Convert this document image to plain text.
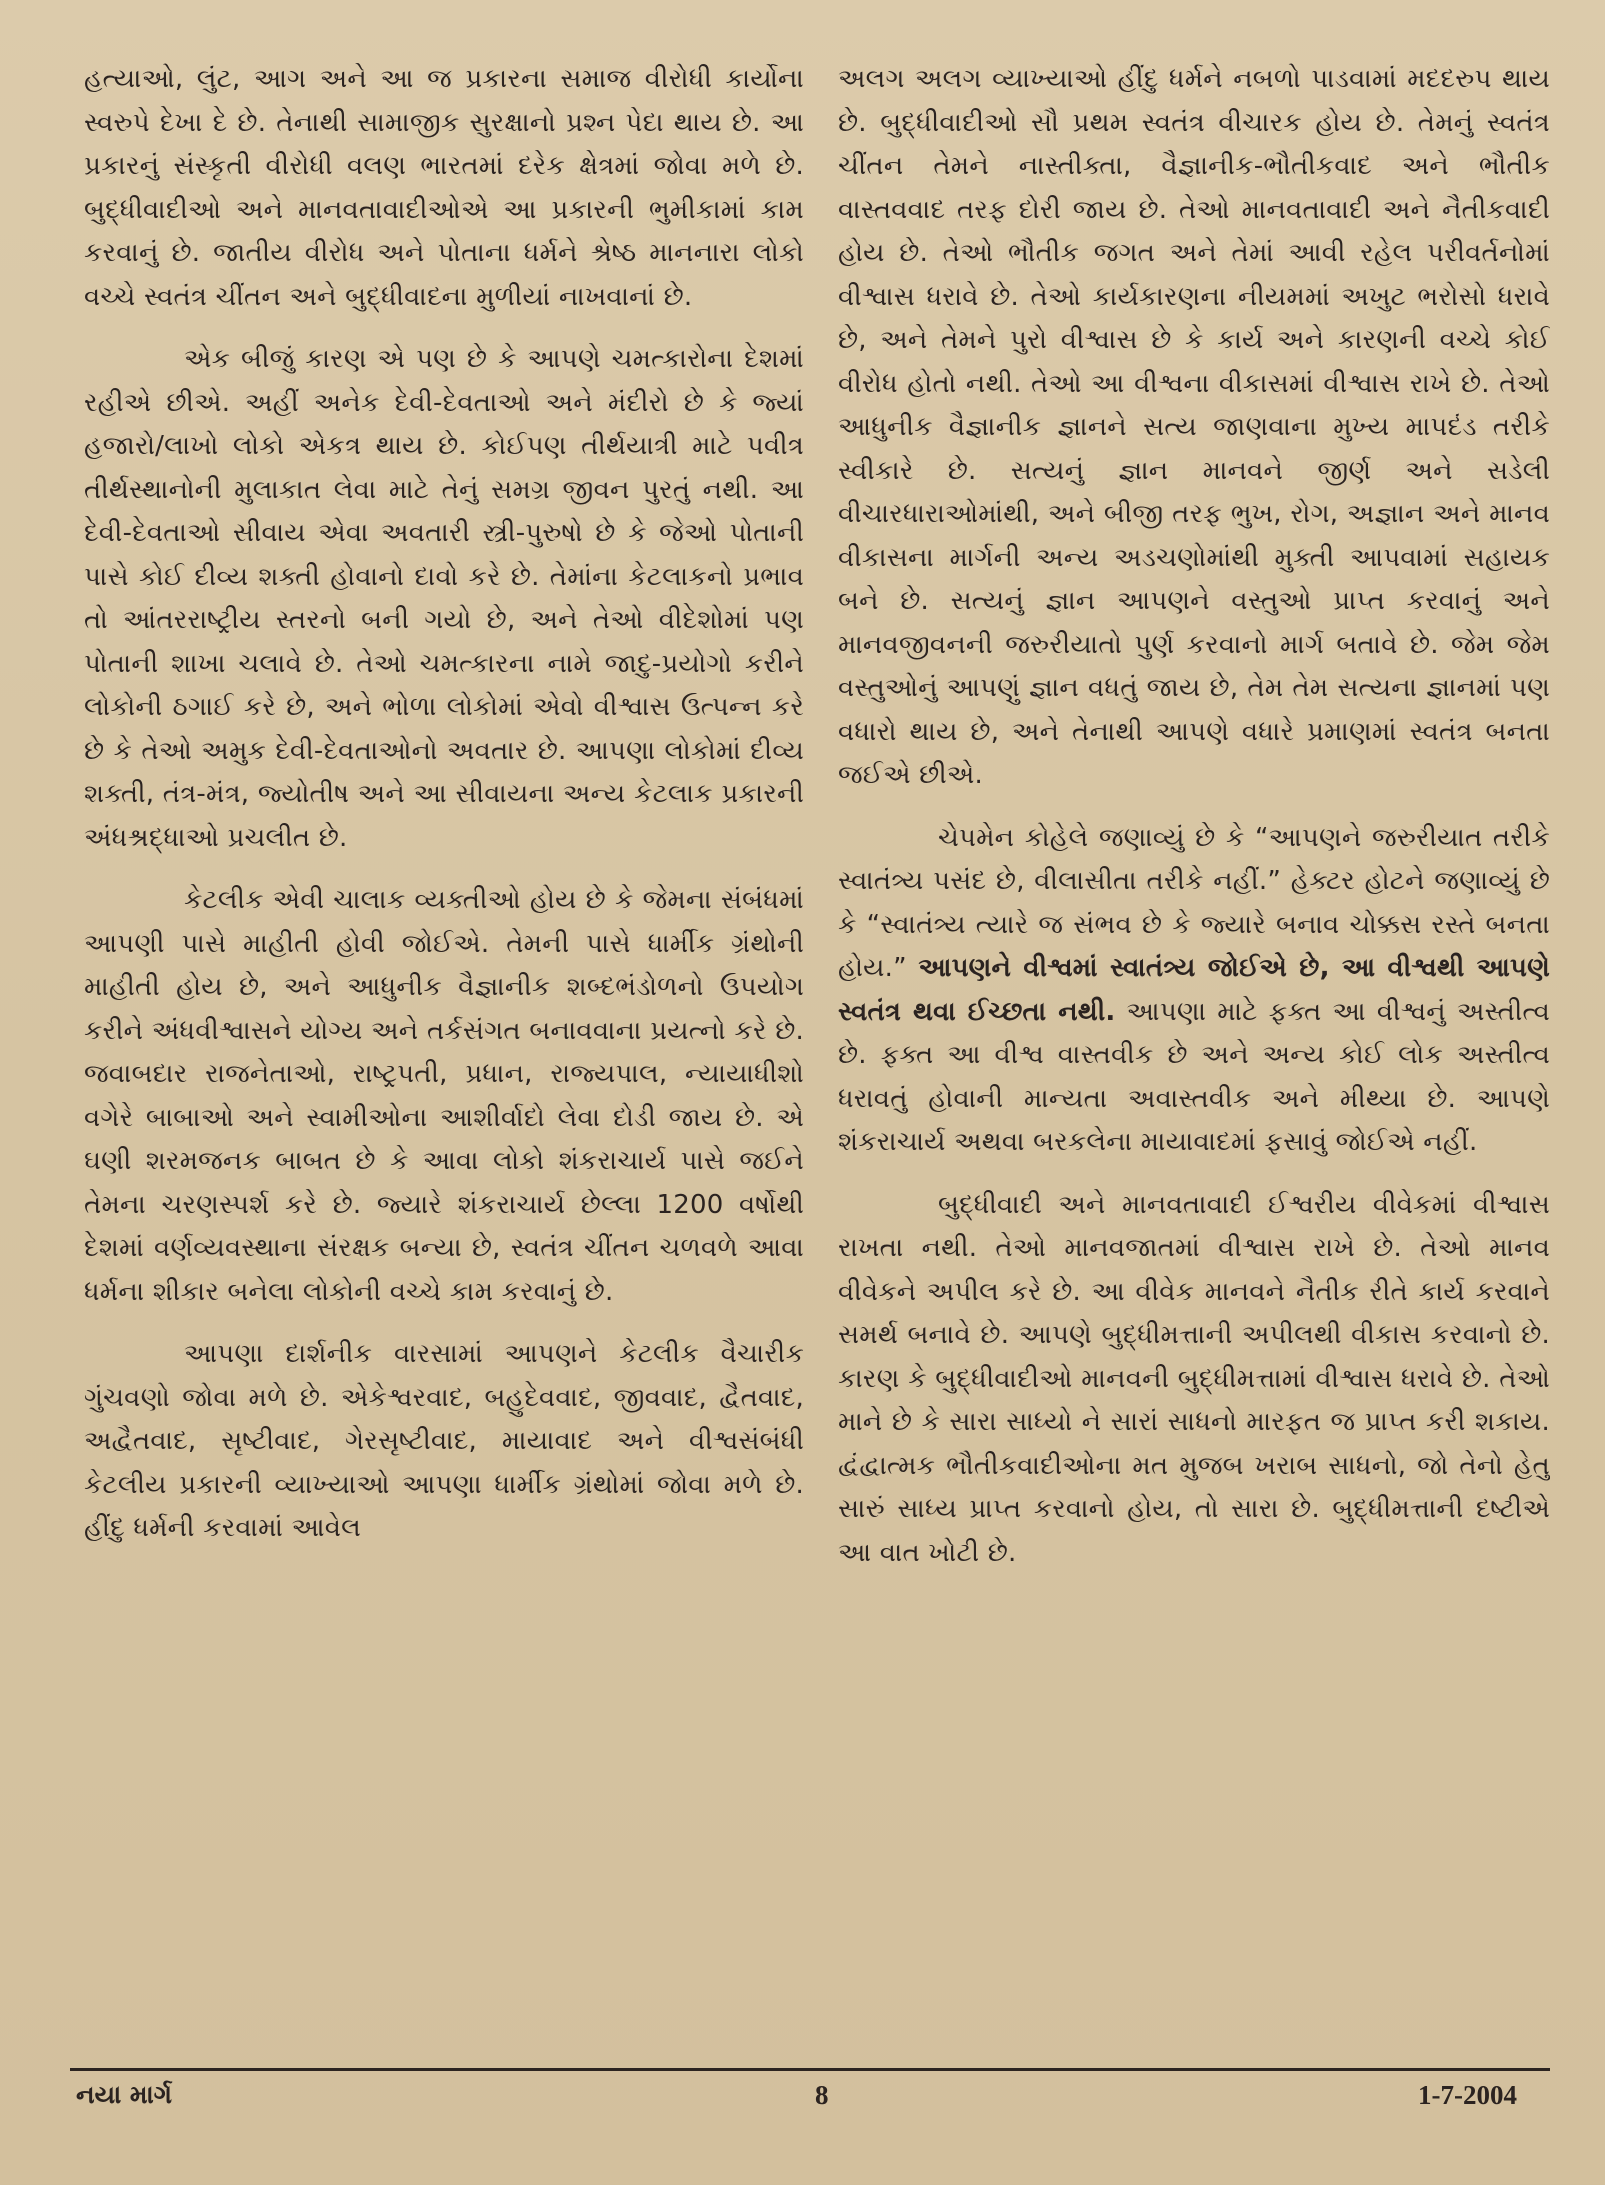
હત્યાઓ, લુંટ, આગ અને આ જ પ્રકારના સમાજ વીરોધી કાર્યોના સ્વરુપે દેખા દે છે. તેનાથી સામાજીક સુરક્ષાનો પ્રશ્ન પેદા થાય છે. આ પ્રકારનું સંસ્કૃતી વીરોધી વલણ ભારતમાં દરેક ક્ષેત્રમાં જોવા મળે છે. બુદ્ધીવાદીઓ અને માનવતાવાદીઓએ આ પ્રકારની ભુમીકામાં કામ કરવાનું છે. જાતીય વીરોધ અને પોતાના ધર્મને શ્રેષ્ઠ માનનારા લોકો વચ્ચે સ્વતંત્ર ચીંતન અને બુદ્ધીવાદના મુળીયાં નાખવાનાં છે.

એક બીજું કારણ એ પણ છે કે આપણે ચમત્કારોના દેશમાં રહીએ છીએ. અહીં અનેક દેવી-દેવતાઓ અને મંદીરો છે કે જ્યાં હજારો/લાખો લોકો એકત્ર થાય છે. કોઈપણ તીર્થયાત્રી માટે પવીત્ર તીર્થસ્થાનોની મુલાકાત લેવા માટે તેનું સમગ્ર જીવન પુરતું નથી. આ દેવી-દેવતાઓ સીવાય એવા અવતારી સ્ત્રી-પુરુષો છે કે જેઓ પોતાની પાસે કોઈ દીવ્ય શક્તી હોવાનો દાવો કરે છે. તેમાંના કેટલાકનો પ્રભાવ તો આંતરરાષ્ટ્રીય સ્તરનો બની ગયો છે, અને તેઓ વીદેશોમાં પણ પોતાની શાખા ચલાવે છે. તેઓ ચમત્કારના નામે જાદુ-પ્રયોગો કરીને લોકોની ઠગાઈ કરે છે, અને ભોળા લોકોમાં એવો વીશ્વાસ ઉત્પન્ન કરે છે કે તેઓ અમુક દેવી-દેવતાઓનો અવતાર છે. આપણા લોકોમાં દીવ્ય શક્તી, તંત્ર-મંત્ર, જ્યોતીષ અને આ સીવાયના અન્ય કેટલાક પ્રકારની અંધશ્રદ્ધાઓ પ્રચલીત છે.

કેટલીક એવી ચાલાક વ્યક્તીઓ હોય છે કે જેમના સંબંધમાં આપણી પાસે માહીતી હોવી જોઈએ. તેમની પાસે ધાર્મીક ગ્રંથોની માહીતી હોય છે, અને આધુનીક વૈજ્ઞાનીક શબ્દભંડોળનો ઉપયોગ કરીને અંધવીશ્વાસને યોગ્ય અને તર્કસંગત બનાવવાના પ્રયત્નો કરે છે. જવાબદાર રાજનેતાઓ, રાષ્ટ્રપતી, પ્રધાન, રાજ્યપાલ, ન્યાયાધીશો વગેરે બાબાઓ અને સ્વામીઓના આશીર્વાદો લેવા દોડી જાય છે. એ ઘણી શરમજનક બાબત છે કે આવા લોકો શંકરાચાર્ય પાસે જઈને તેમના ચરણસ્પર્શ કરે છે. જ્યારે શંકરાચાર્ય છેલ્લા 1200 વર્ષોથી દેશમાં વર્ણવ્યવસ્થાના સંરક્ષક બન્યા છે, સ્વતંત્ર ચીંતન ચળવળે આવા ધર્મના શીકાર બનેલા લોકોની વચ્ચે કામ કરવાનું છે.

આપણા દાર્શનીક વારસામાં આપણને કેટલીક વૈચારીક ગુંચવણો જોવા મળે છે. એકેશ્વરવાદ, બહુદેવવાદ, જીવવાદ, દ્વૈતવાદ, અદ્વૈતવાદ, સૃષ્ટીવાદ, ગેરસૃષ્ટીવાદ, માયાવાદ અને વીશ્વસંબંધી કેટલીય પ્રકારની વ્યાખ્યાઓ આપણા ધાર્મીક ગ્રંથોમાં જોવા મળે છે. હીંદુ ધર્મની કરવામાં આવેલ

અલગ અલગ વ્યાખ્યાઓ હીંદુ ધર્મને નબળો પાડવામાં મદદરુપ થાય છે. બુદ્ધીવાદીઓ સૌ પ્રથમ સ્વતંત્ર વીચારક હોય છે. તેમનું સ્વતંત્ર ચીંતન તેમને નાસ્તીક્તા, વૈજ્ઞાનીક-ભૌતીકવાદ અને ભૌતીક વાસ્તવવાદ તરફ દોરી જાય છે. તેઓ માનવતાવાદી અને નૈતીકવાદી હોય છે. તેઓ ભૌતીક જગત અને તેમાં આવી રહેલ પરીવર્તનોમાં વીશ્વાસ ધરાવે છે. તેઓ કાર્યકારણના નીયમમાં અખુટ ભરોસો ધરાવે છે, અને તેમને પુરો વીશ્વાસ છે કે કાર્ય અને કારણની વચ્ચે કોઈ વીરોધ હોતો નથી. તેઓ આ વીશ્વના વીકાસમાં વીશ્વાસ રાખે છે. તેઓ આધુનીક વૈજ્ઞાનીક જ્ઞાનને સત્ય જાણવાના મુખ્ય માપદંડ તરીકે સ્વીકારે છે. સત્યનું જ્ઞાન માનવને જીર્ણ અને સડેલી વીચારધારાઓમાંથી, અને બીજી તરફ ભુખ, રોગ, અજ્ઞાન અને માનવ વીકાસના માર્ગની અન્ય અડચણોમાંથી મુક્તી આપવામાં સહાયક બને છે. સત્યનું જ્ઞાન આપણને વસ્તુઓ પ્રાપ્ત કરવાનું અને માનવજીવનની જરુરીયાતો પુર્ણ કરવાનો માર્ગ બતાવે છે. જેમ જેમ વસ્તુઓનું આપણું જ્ઞાન વધતું જાય છે, તેમ તેમ સત્યના જ્ઞાનમાં પણ વધારો થાય છે, અને તેનાથી આપણે વધારે પ્રમાણમાં સ્વતંત્ર બનતા જઈએ છીએ.

ચેપમેન કોહેલે જણાવ્યું છે કે “આપણને જરુરીયાત તરીકે સ્વાતંત્ર્ય પસંદ છે, વીલાસીતા તરીકે નહીં.” હેક્ટર હોટને જણાવ્યું છે કે “સ્વાતંત્ર્ય ત્યારે જ સંભવ છે કે જ્યારે બનાવ ચોક્કસ રસ્તે બનતા હોય.” આપણને વીશ્વમાં સ્વાતંત્ર્ય જોઈએ છે, આ વીશ્વથી આપણે સ્વતંત્ર થવા ઈચ્છતા નથી. આપણા માટે ફક્ત આ વીશ્વનું અસ્તીત્વ છે. ફક્ત આ વીશ્વ વાસ્તવીક છે અને અન્ય કોઈ લોક અસ્તીત્વ ધરાવતું હોવાની માન્યતા અવાસ્તવીક અને મીથ્યા છે. આપણે શંકરાચાર્ય અથવા બરકલેના માયાવાદમાં ફસાવું જોઈએ નહીં.

બુદ્ધીવાદી અને માનવતાવાદી ઈશ્વરીય વીવેકમાં વીશ્વાસ રાખતા નથી. તેઓ માનવજાતમાં વીશ્વાસ રાખે છે. તેઓ માનવ વીવેકને અપીલ કરે છે. આ વીવેક માનવને નૈતીક રીતે કાર્ય કરવાને સમર્થ બનાવે છે. આપણે બુદ્ધીમત્તાની અપીલથી વીકાસ કરવાનો છે. કારણ કે બુદ્ધીવાદીઓ માનવની બુદ્ધીમત્તામાં વીશ્વાસ ધરાવે છે. તેઓ માને છે કે સારા સાધ્યો ને સારાં સાધનો મારફત જ પ્રાપ્ત કરી શકાય. દ્વંદ્વાત્મક ભૌતીકવાદીઓના મત મુજબ ખરાબ સાધનો, જો તેનો હેતુ સારું સાધ્ય પ્રાપ્ત કરવાનો હોય, તો સારા છે. બુદ્ધીમત્તાની દષ્ટીએ આ વાત ખોટી છે.

નયા માર્ગ	8	1-7-2004
